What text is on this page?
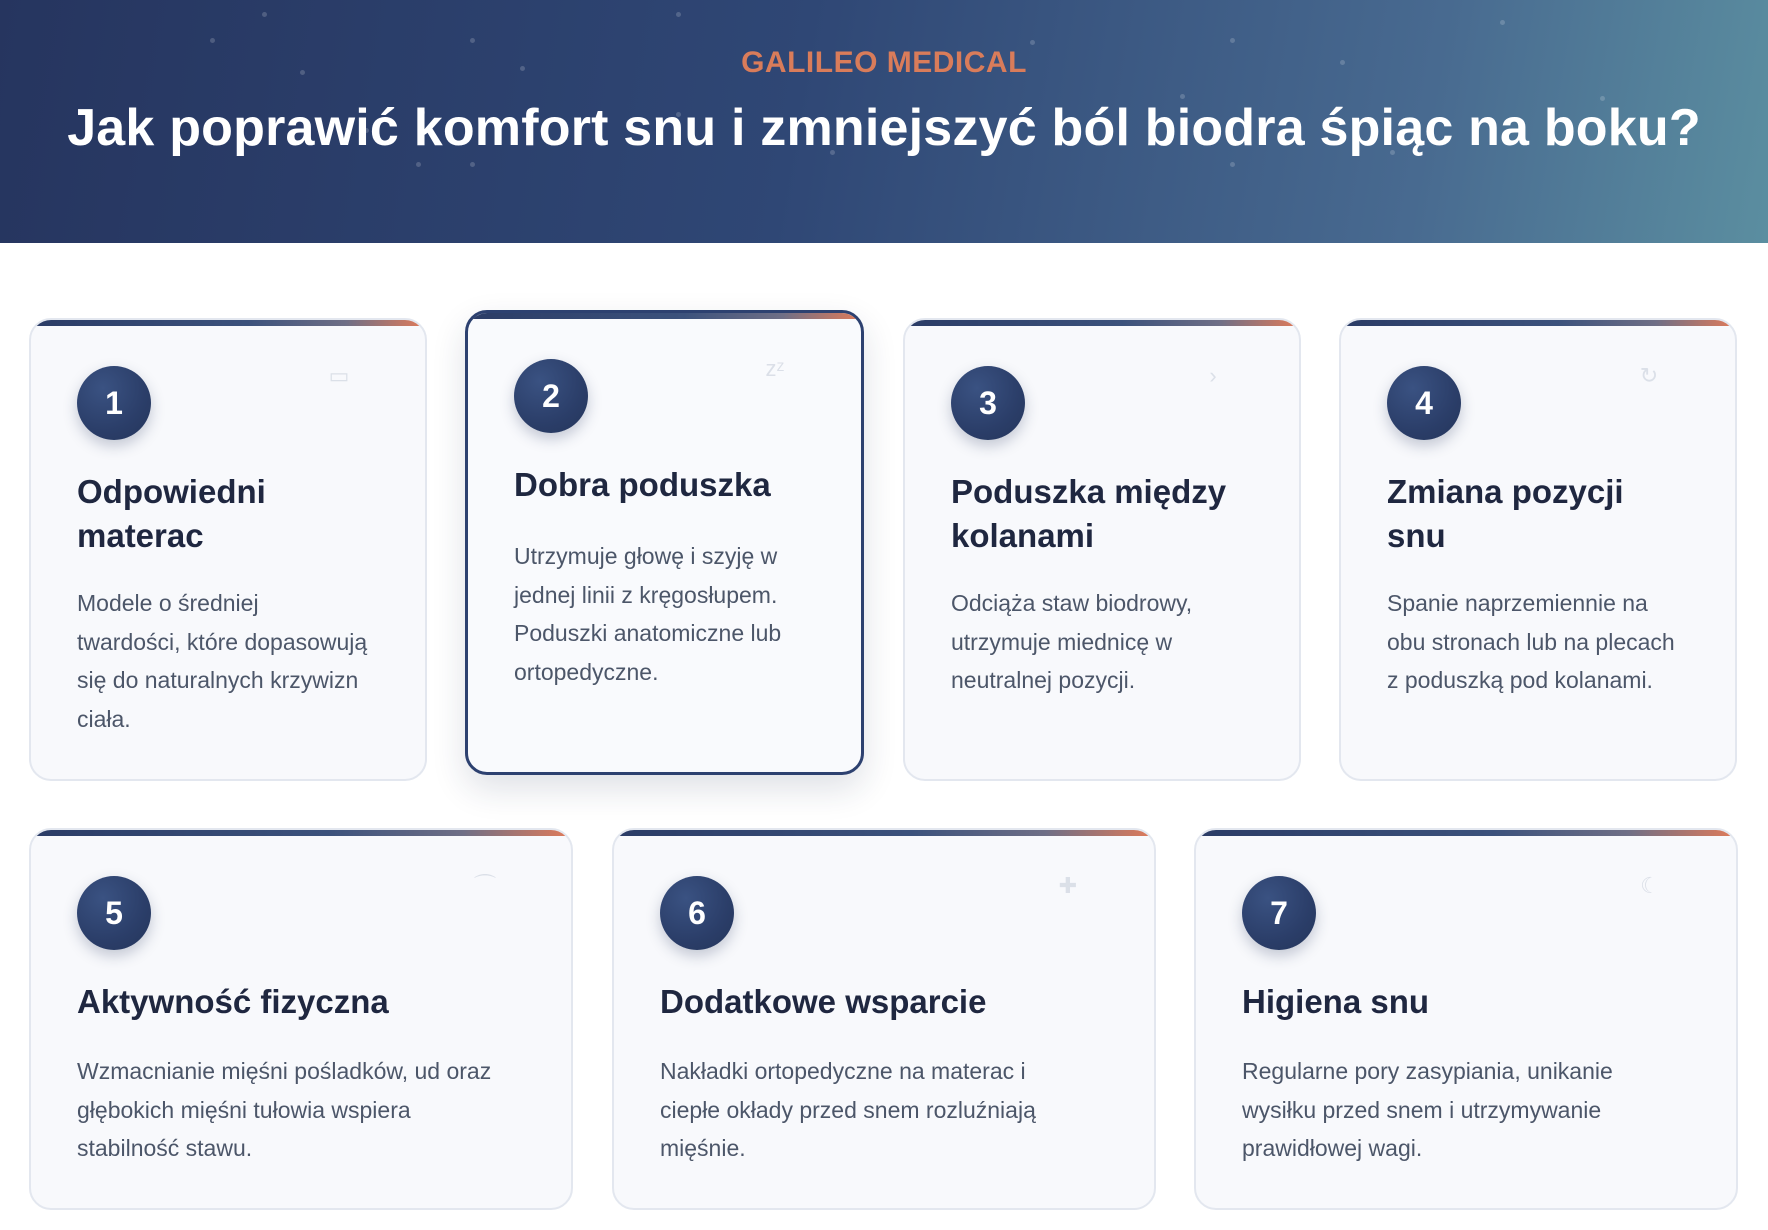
GALILEO MEDICAL
Jak poprawić komfort snu i zmniejszyć ból biodra śpiąc na boku?
1
▭
Odpowiedni
materac
Modele o średniej
twardości, które dopasowują
się do naturalnych krzywizn
ciała.
2
zᶻ
Dobra poduszka
Utrzymuje głowę i szyję w
jednej linii z kręgosłupem.
Poduszki anatomiczne lub
ortopedyczne.
3
›
Poduszka między
kolanami
Odciąża staw biodrowy,
utrzymuje miednicę w
neutralnej pozycji.
4
↻
Zmiana pozycji
snu
Spanie naprzemiennie na
obu stronach lub na plecach
z poduszką pod kolanami.
5
⌒
Aktywność fizyczna
Wzmacnianie mięśni pośladków, ud oraz
głębokich mięśni tułowia wspiera
stabilność stawu.
6
✚
Dodatkowe wsparcie
Nakładki ortopedyczne na materac i
ciepłe okłady przed snem rozluźniają
mięśnie.
7
☾
Higiena snu
Regularne pory zasypiania, unikanie
wysiłku przed snem i utrzymywanie
prawidłowej wagi.
